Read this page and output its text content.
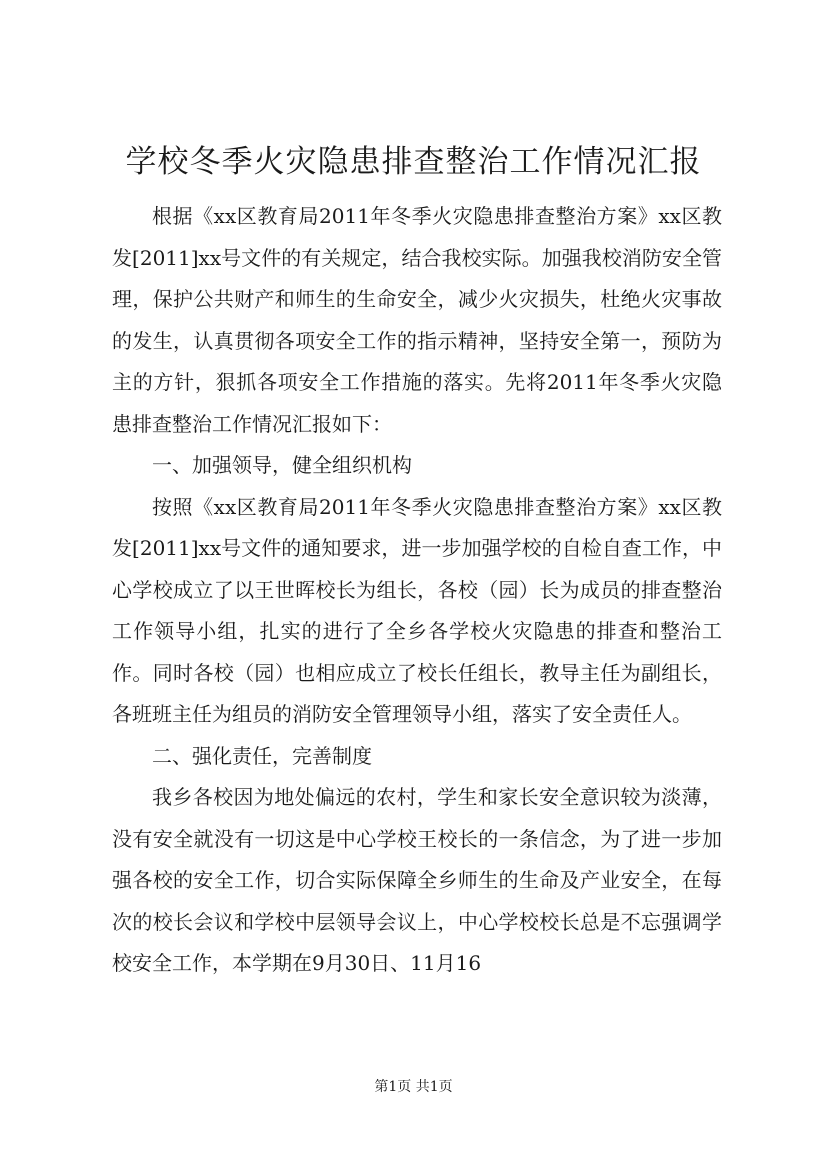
学校冬季火灾隐患排查整治工作情况汇报

根据《xx区教育局2011年冬季火灾隐患排查整治方案》xx区教发[2011]xx号文件的有关规定，结合我校实际。加强我校消防安全管理，保护公共财产和师生的生命安全，减少火灾损失，杜绝火灾事故的发生，认真贯彻各项安全工作的指示精神，坚持安全第一，预防为主的方针，狠抓各项安全工作措施的落实。先将2011年冬季火灾隐患排查整治工作情况汇报如下：

一、加强领导，健全组织机构

按照《xx区教育局2011年冬季火灾隐患排查整治方案》xx区教发[2011]xx号文件的通知要求，进一步加强学校的自检自查工作，中心学校成立了以王世晖校长为组长，各校（园）长为成员的排查整治工作领导小组，扎实的进行了全乡各学校火灾隐患的排查和整治工作。同时各校（园）也相应成立了校长任组长，教导主任为副组长，各班班主任为组员的消防安全管理领导小组，落实了安全责任人。

二、强化责任，完善制度

我乡各校因为地处偏远的农村，学生和家长安全意识较为淡薄，没有安全就没有一切这是中心学校王校长的一条信念，为了进一步加强各校的安全工作，切合实际保障全乡师生的生命及产业安全，在每次的校长会议和学校中层领导会议上，中心学校校长总是不忘强调学校安全工作，本学期在9月30日、11月16

第1页 共1页
